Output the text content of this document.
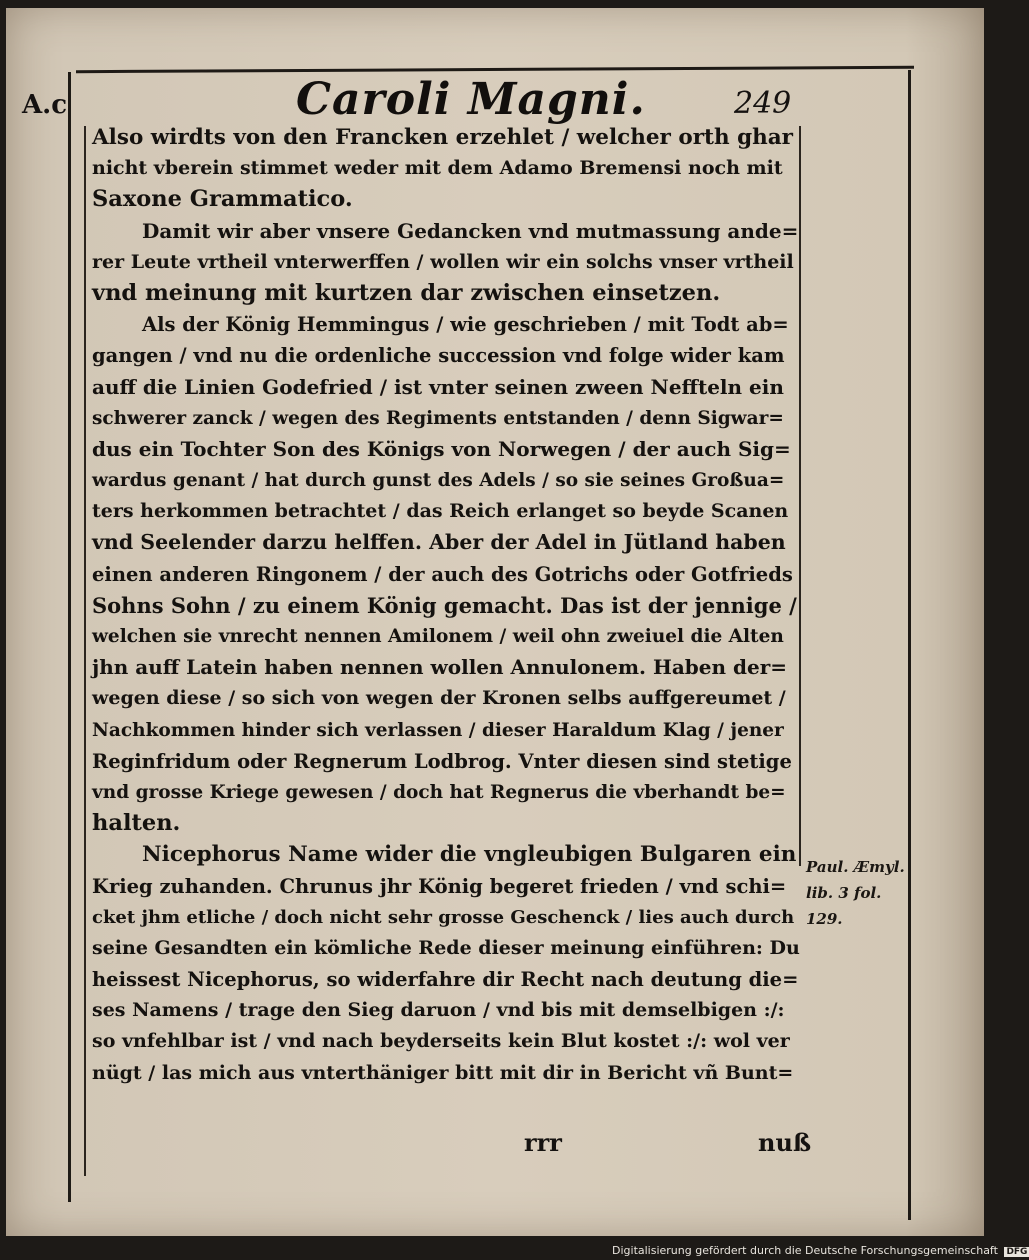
A.c	Caroli Magni.	249
Also wirdts von den Francken erzehlet / welcher orth ghar
nicht vberein stimmet weder mit dem Adamo Bremensi noch mit
Saxone Grammatico.
Damit wir aber vnsere Gedancken vnd mutmassung ande=
rer Leute vrtheil vnterwerffen / wollen wir ein solchs vnser vrtheil
vnd meinung mit kurtzen dar zwischen einsetzen.
Als der König Hemmingus / wie geschrieben / mit Todt ab=
gangen / vnd nu die ordenliche succession vnd folge wider kam
auff die Linien Godefried / ist vnter seinen zween Neffteln ein
schwerer zanck / wegen des Regiments entstanden / denn Sigwar=
dus ein Tochter Son des Königs von Norwegen / der auch Sig=
wardus genant / hat durch gunst des Adels / so sie seines Großua=
ters herkommen betrachtet / das Reich erlanget so beyde Scanen
vnd Seelender darzu helffen. Aber der Adel in Jütland haben
einen anderen Ringonem / der auch des Gotrichs oder Gotfrieds
Sohns Sohn / zu einem König gemacht. Das ist der jennige /
welchen sie vnrecht nennen Amilonem / weil ohn zweiuel die Alten
jhn auff Latein haben nennen wollen Annulonem. Haben der=
wegen diese / so sich von wegen der Kronen selbs auffgereumet /
Nachkommen hinder sich verlassen / dieser Haraldum Klag / jener
Reginfridum oder Regnerum Lodbrog. Vnter diesen sind stetige
vnd grosse Kriege gewesen / doch hat Regnerus die vberhandt be=
halten.
Nicephorus Name wider die vngleubigen Bulgaren ein
Krieg zuhanden. Chrunus jhr König begeret frieden / vnd schi=
cket jhm etliche / doch nicht sehr grosse Geschenck / lies auch durch
seine Gesandten ein kömliche Rede dieser meinung einführen: Du
heissest Nicephorus, so widerfahre dir Recht nach deutung die=
ses Namens / trage den Sieg daruon / vnd bis mit demselbigen :/:
so vnfehlbar ist / vnd nach beyderseits kein Blut kostet :/: wol ver
nügt / las mich aus vnterthäniger bitt mit dir in Bericht vñ Bunt=
Paul. Æmyl.
lib. 3 fol. 129.
rrr	nuß
Digitalisierung gefördert durch die Deutsche Forschungsgemeinschaft DFG
